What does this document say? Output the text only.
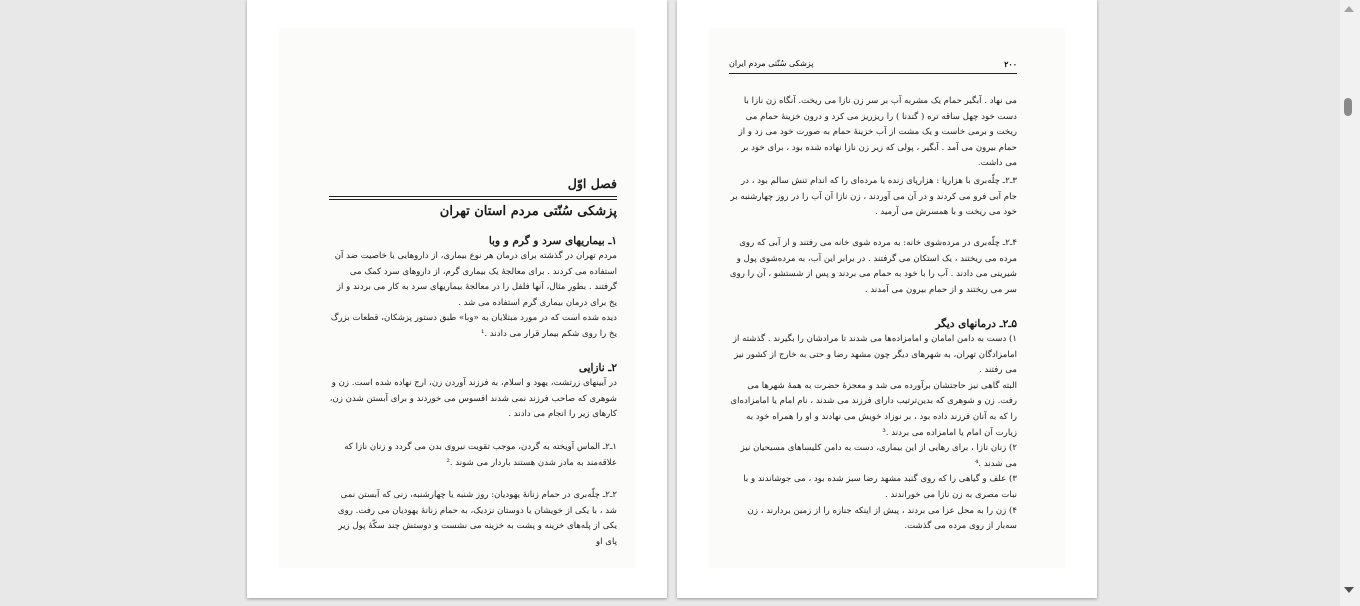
فصل اوّل
پزشکی سُنّتی مردم استان تهران

۱ـ بیماریهای سرد و گرم و وبا

مردم تهران در گذشته برای درمان هر نوع بیماری، از داروهایی با خاصیت ضد آن استفاده می کردند . برای معالجهٔ یک بیماری گرم، از داروهای سرد کمک می گرفتند . بطور مثال، آنها فلفل را در معالجهٔ بیماریهای سرد به کار می بردند و از یخ برای درمان بیماری گرم استفاده می شد .

دیده شده است که در مورد مبتلایان به «وبا» طبق دستور پزشکان، قطعات بزرگ یخ را روی شکم بیمار قرار می دادند .¹

۲ـ نازایی

در آیینهای زرتشت، یهود و اسلام، به فرزند آوردن زن، ارج نهاده شده است. زن و شوهری که صاحب فرزند نمی شدند افسوس می خوردند و برای آبستن شدن زن، کارهای زیر را انجام می دادند .

۱ـ۲ـ الماس آویخته به گردن، موجب تقویت نیروی بدن می گردد و زنان نازا که علاقه‌مند به مادر شدن هستند باردار می شوند .²

۲ـ۲ـ چلّه‌بری در حمام زنانهٔ یهودیان: روز شنبه یا چهارشنبه، زنی که آبستن نمی شد ، با یکی از خویشان یا دوستان نزدیک، به حمام زنانهٔ یهودیان می رفت. روی یکی از پله‌های خزینه و پشت به خزینه می نشست و دوستش چند سکّهٔ پول زیر پای او

۲۰۰
پزشکی سُنّتی مردم ایران

می نهاد . آبگیر حمام یک مشربه آب بر سر زن نازا می ریخت. آنگاه زن نازا با دست خود چهل ساقه تره ( گندنا ) را ریزریز می کرد و درون خزینهٔ حمام می ریخت و برمی خاست و یک مشت از آب خزینهٔ حمام به صورت خود می زد و از حمام بیرون می آمد . آبگیر ، پولی که زیر زن نازا نهاده شده بود ، برای خود بر می داشت.

۳ـ۲ـ چلّه‌بری با هزارپا : هزارپای زنده یا مرده‌ای را که اندام تنش سالم بود ، در جام آبی فرو می کردند و در آن می آوردند ، زن نازا آن آب را در روز چهارشنبه بر خود می ریخت و با همسرش می آرمید .

۴ـ۲ـ چلّه‌بری در مرده‌شوی خانه: به مرده شوی خانه می رفتند و از آبی که روی مرده می ریختند ، یک استکان می گرفتند . در برابر این آب، به مرده‌شوی پول و شیرینی می دادند . آب را با خود به حمام می بردند و پس از شستشو ، آن را روی سر می ریختند و از حمام بیرون می آمدند .

۵ـ۲ـ درمانهای دیگر

۱) دست به دامن امامان و امامزاده‌ها می شدند تا مرادشان را بگیرند . گذشته از امامزادگان تهران، به شهرهای دیگر چون مشهد رضا و حتی به خارج از کشور نیز می رفتند .

البته گاهی نیز حاجتشان برآورده می شد و معجزهٔ حضرت به همهٔ شهرها می رفت. زن و شوهری که بدین‌ترتیب دارای فرزند می شدند ، نام امام یا امامزاده‌ای را که به آنان فرزند داده بود ، بر نوزاد خویش می نهادند و او را همراه خود به زیارت آن امام یا امامزاده می بردند .³

۲) زنان نازا ، برای رهایی از این بیماری، دست به دامن کلیساهای مسیحیان نیز می شدند .⁴

۳) علف و گیاهی را که روی گنبد مشهد رضا سبز شده بود ، می جوشاندند و با نبات مصری به زن نازا می خوراندند .

۴) زن را به محل عزا می بردند ، پیش از اینکه جنازه را از زمین بردارند ، زن سه‌بار از روی مرده می گذشت.
